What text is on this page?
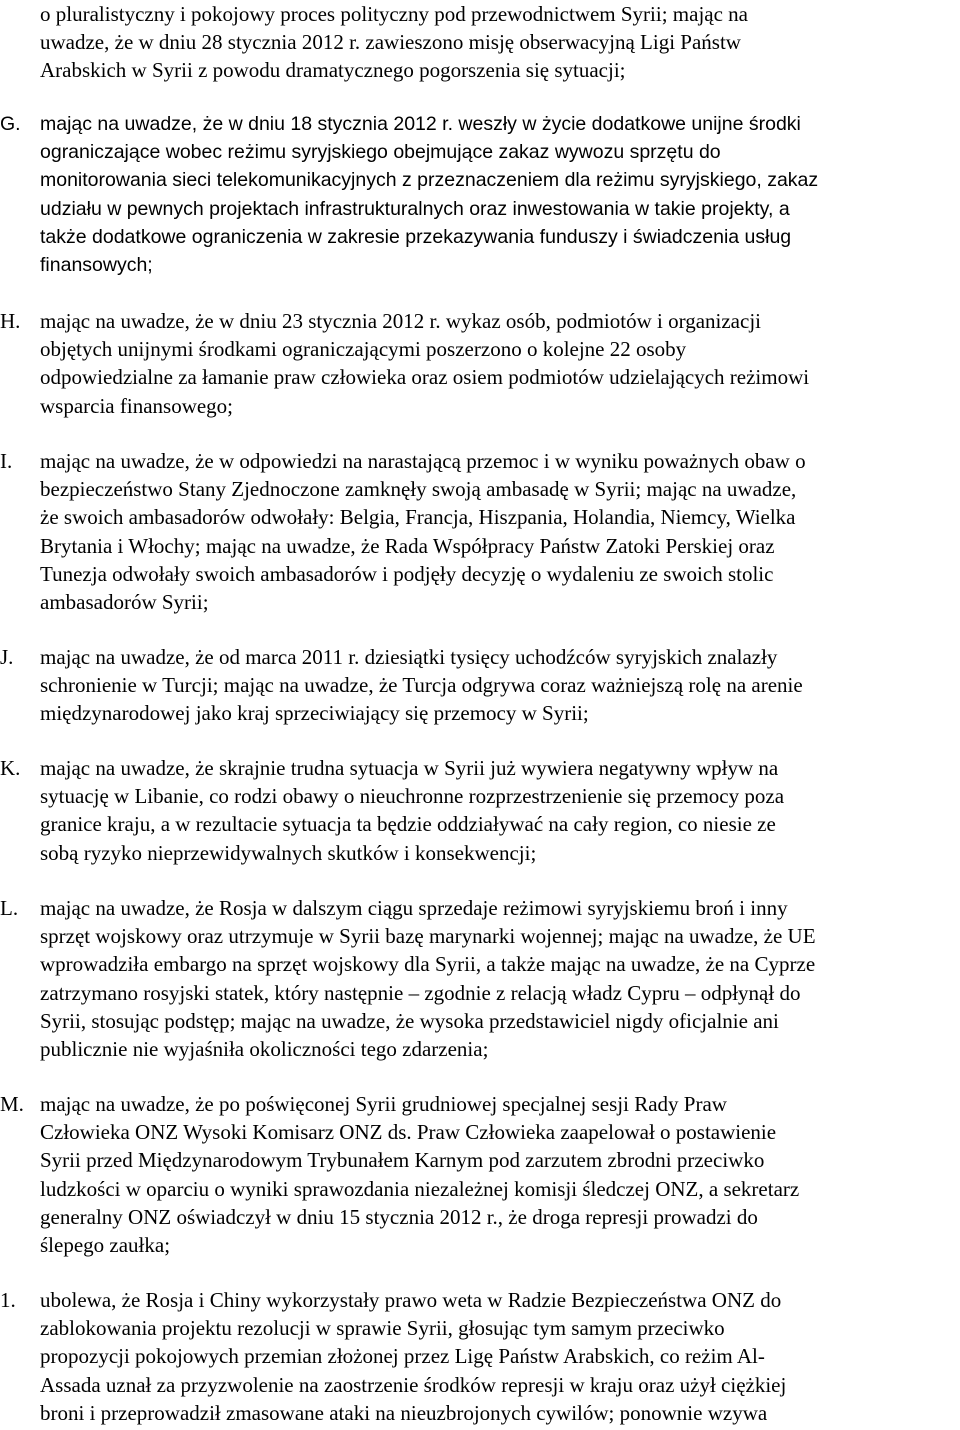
o pluralistyczny i pokojowy proces polityczny pod przewodnictwem Syrii; mając na
uwadze, że w dniu 28 stycznia 2012 r. zawieszono misję obserwacyjną Ligi Państw
Arabskich w Syrii z powodu dramatycznego pogorszenia się sytuacji;
G. mając na uwadze, że w dniu 18 stycznia 2012 r. weszły w życie dodatkowe unijne środki
ograniczające wobec reżimu syryjskiego obejmujące zakaz wywozu sprzętu do
monitorowania sieci telekomunikacyjnych z przeznaczeniem dla reżimu syryjskiego, zakaz
udziału w pewnych projektach infrastrukturalnych oraz inwestowania w takie projekty, a
także dodatkowe ograniczenia w zakresie przekazywania funduszy i świadczenia usług
finansowych;
H. mając na uwadze, że w dniu 23 stycznia 2012 r. wykaz osób, podmiotów i organizacji
objętych unijnymi środkami ograniczającymi poszerzono o kolejne 22 osoby
odpowiedzialne za łamanie praw człowieka oraz osiem podmiotów udzielających reżimowi
wsparcia finansowego;
I.	mając na uwadze, że w odpowiedzi na narastającą przemoc i w wyniku poważnych obaw o
bezpieczeństwo Stany Zjednoczone zamknęły swoją ambasadę w Syrii; mając na uwadze,
że swoich ambasadorów odwołały: Belgia, Francja, Hiszpania, Holandia, Niemcy, Wielka
Brytania i Włochy; mając na uwadze, że Rada Współpracy Państw Zatoki Perskiej oraz
Tunezja odwołały swoich ambasadorów i podjęły decyzję o wydaleniu ze swoich stolic
ambasadorów Syrii;
J.	mając na uwadze, że od marca 2011 r. dziesiątki tysięcy uchodźców syryjskich znalazły
schronienie w Turcji; mając na uwadze, że Turcja odgrywa coraz ważniejszą rolę na arenie
międzynarodowej jako kraj sprzeciwiający się przemocy w Syrii;
K. mając na uwadze, że skrajnie trudna sytuacja w Syrii już wywiera negatywny wpływ na
sytuację w Libanie, co rodzi obawy o nieuchronne rozprzestrzenienie się przemocy poza
granice kraju, a w rezultacie sytuacja ta będzie oddziaływać na cały region, co niesie ze
sobą ryzyko nieprzewidywalnych skutków i konsekwencji;
L.	mając na uwadze, że Rosja w dalszym ciągu sprzedaje reżimowi syryjskiemu broń i inny
sprzęt wojskowy oraz utrzymuje w Syrii bazę marynarki wojennej; mając na uwadze, że UE
wprowadziła embargo na sprzęt wojskowy dla Syrii, a także mając na uwadze, że na Cyprze
zatrzymano rosyjski statek, który następnie – zgodnie z relacją władz Cypru – odpłynął do
Syrii, stosując podstęp; mając na uwadze, że wysoka przedstawiciel nigdy oficjalnie ani
publicznie nie wyjaśniła okoliczności tego zdarzenia;
M. mając na uwadze, że po poświęconej Syrii grudniowej specjalnej sesji Rady Praw
Człowieka ONZ Wysoki Komisarz ONZ ds. Praw Człowieka zaapelował o postawienie
Syrii przed Międzynarodowym Trybunałem Karnym pod zarzutem zbrodni przeciwko
ludzkości w oparciu o wyniki sprawozdania niezależnej komisji śledczej ONZ, a sekretarz
generalny ONZ oświadczył w dniu 15 stycznia 2012 r., że droga represji prowadzi do
ślepego zaułka;
1.	ubolewa, że Rosja i Chiny wykorzystały prawo weta w Radzie Bezpieczeństwa ONZ do
zablokowania projektu rezolucji w sprawie Syrii, głosując tym samym przeciwko
propozycji pokojowych przemian złożonej przez Ligę Państw Arabskich, co reżim Al-
Assada uznał za przyzwolenie na zaostrzenie środków represji w kraju oraz użył ciężkiej
broni i przeprowadził zmasowane ataki na nieuzbrojonych cywilów; ponownie wzywa
